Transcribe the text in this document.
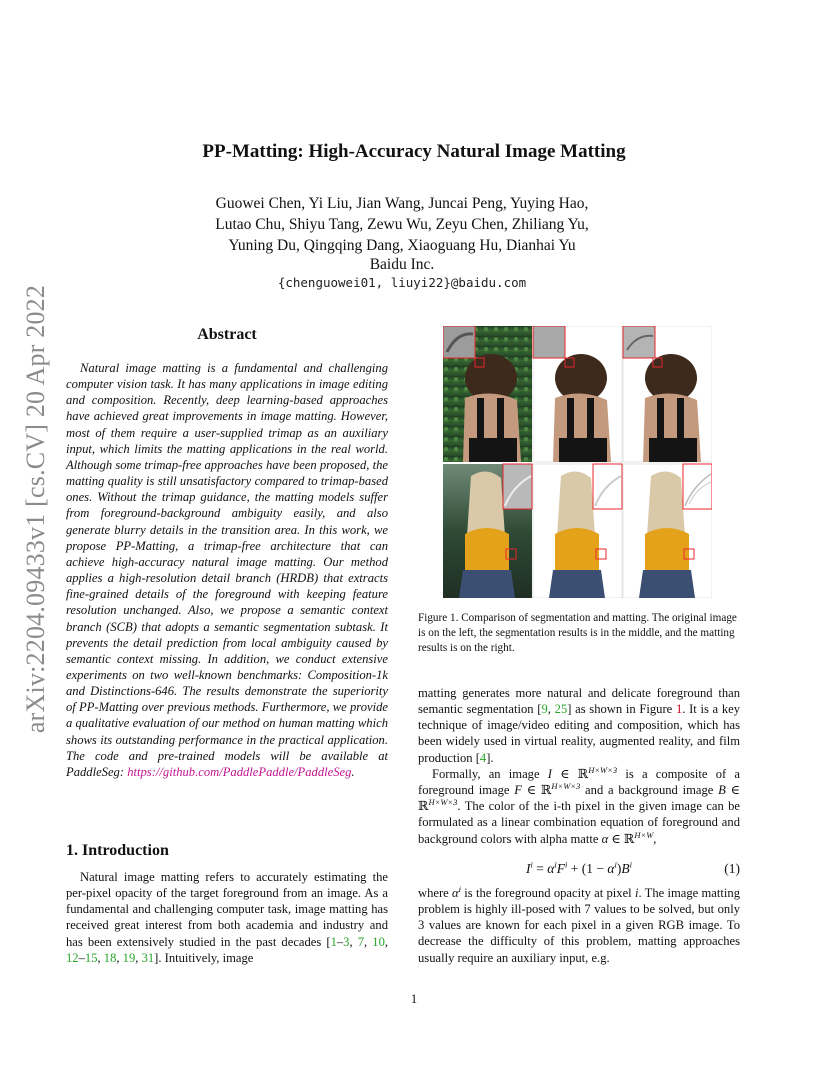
arXiv:2204.09433v1 [cs.CV] 20 Apr 2022
PP-Matting: High-Accuracy Natural Image Matting
Guowei Chen, Yi Liu, Jian Wang, Juncai Peng, Yuying Hao,
Lutao Chu, Shiyu Tang, Zewu Wu, Zeyu Chen, Zhiliang Yu,
Yuning Du, Qingqing Dang, Xiaoguang Hu, Dianhai Yu
Baidu Inc.
{chenguowei01, liuyi22}@baidu.com
Abstract
Natural image matting is a fundamental and challenging computer vision task. It has many applications in image editing and composition. Recently, deep learning-based approaches have achieved great improvements in image matting. However, most of them require a user-supplied trimap as an auxiliary input, which limits the matting applications in the real world. Although some trimap-free approaches have been proposed, the matting quality is still unsatisfactory compared to trimap-based ones. Without the trimap guidance, the matting models suffer from foreground-background ambiguity easily, and also generate blurry details in the transition area. In this work, we propose PP-Matting, a trimap-free architecture that can achieve high-accuracy natural image matting. Our method applies a high-resolution detail branch (HRDB) that extracts fine-grained details of the foreground with keeping feature resolution unchanged. Also, we propose a semantic context branch (SCB) that adopts a semantic segmentation subtask. It prevents the detail prediction from local ambiguity caused by semantic context missing. In addition, we conduct extensive experiments on two well-known benchmarks: Composition-1k and Distinctions-646. The results demonstrate the superiority of PP-Matting over previous methods. Furthermore, we provide a qualitative evaluation of our method on human matting which shows its outstanding performance in the practical application. The code and pre-trained models will be available at PaddleSeg: https://github.com/PaddlePaddle/PaddleSeg.
1. Introduction
Natural image matting refers to accurately estimating the per-pixel opacity of the target foreground from an image. As a fundamental and challenging computer task, image matting has received great interest from both academia and industry and has been extensively studied in the past decades [1–3, 7, 10, 12–15, 18, 19, 31]. Intuitively, image
Figure 1. Comparison of segmentation and matting. The original image is on the left, the segmentation results is in the middle, and the matting results is on the right.
matting generates more natural and delicate foreground than semantic segmentation [9, 25] as shown in Figure 1. It is a key technique of image/video editing and composition, which has been widely used in virtual reality, augmented reality, and film production [4].
Formally, an image I ∈ ℝ$^{H\times W\times 3}$ is a composite of a foreground image F ∈ ℝ$^{H\times W\times 3}$ and a background image B ∈ ℝ$^{H\times W\times 3}$. The color of the i-th pixel in the given image can be formulated as a linear combination equation of foreground and background colors with alpha matte α ∈ ℝ$^{H\times W}$,
$I^i = \alpha^iF^i + (1 - \alpha^i)B^i$	(1)
where $\alpha^i$ is the foreground opacity at pixel i. The image matting problem is highly ill-posed with 7 values to be solved, but only 3 values are known for each pixel in a given RGB image. To decrease the difficulty of this problem, matting approaches usually require an auxiliary input, e.g.
1
